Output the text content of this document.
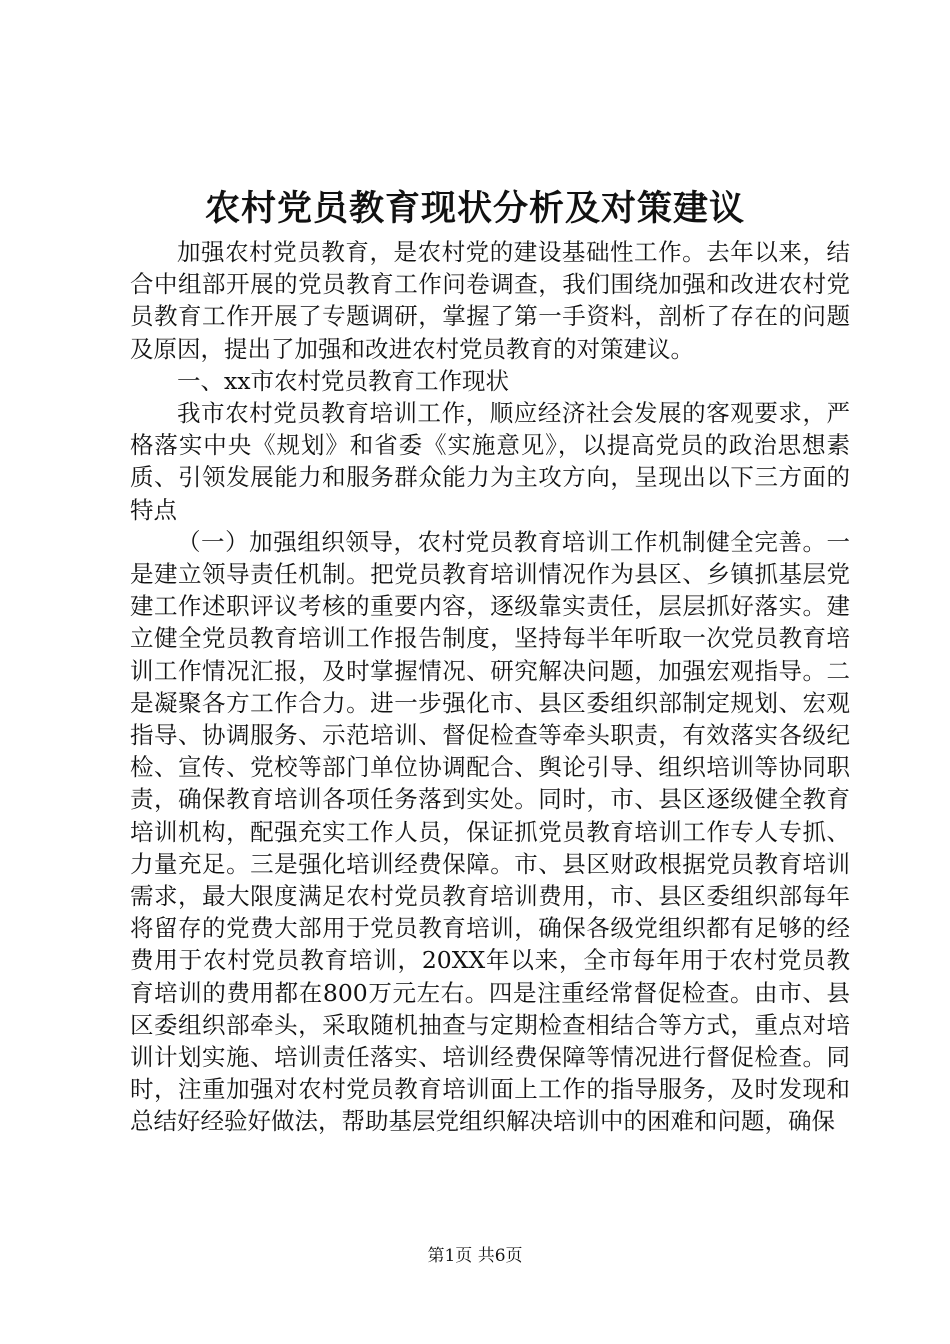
农村党员教育现状分析及对策建议

加强农村党员教育，是农村党的建设基础性工作。去年以来，结合中组部开展的党员教育工作问卷调查，我们围绕加强和改进农村党员教育工作开展了专题调研，掌握了第一手资料，剖析了存在的问题及原因，提出了加强和改进农村党员教育的对策建议。

一、xx市农村党员教育工作现状

我市农村党员教育培训工作，顺应经济社会发展的客观要求，严格落实中央《规划》和省委《实施意见》，以提高党员的政治思想素质、引领发展能力和服务群众能力为主攻方向，呈现出以下三方面的特点

（一）加强组织领导，农村党员教育培训工作机制健全完善。一是建立领导责任机制。把党员教育培训情况作为县区、乡镇抓基层党建工作述职评议考核的重要内容，逐级靠实责任，层层抓好落实。建立健全党员教育培训工作报告制度，坚持每半年听取一次党员教育培训工作情况汇报，及时掌握情况、研究解决问题，加强宏观指导。二是凝聚各方工作合力。进一步强化市、县区委组织部制定规划、宏观指导、协调服务、示范培训、督促检查等牵头职责，有效落实各级纪检、宣传、党校等部门单位协调配合、舆论引导、组织培训等协同职责，确保教育培训各项任务落到实处。同时，市、县区逐级健全教育培训机构，配强充实工作人员，保证抓党员教育培训工作专人专抓、力量充足。三是强化培训经费保障。市、县区财政根据党员教育培训需求，最大限度满足农村党员教育培训费用，市、县区委组织部每年将留存的党费大部用于党员教育培训，确保各级党组织都有足够的经费用于农村党员教育培训，20XX年以来，全市每年用于农村党员教育培训的费用都在800万元左右。四是注重经常督促检查。由市、县区委组织部牵头，采取随机抽查与定期检查相结合等方式，重点对培训计划实施、培训责任落实、培训经费保障等情况进行督促检查。同时，注重加强对农村党员教育培训面上工作的指导服务，及时发现和总结好经验好做法，帮助基层党组织解决培训中的困难和问题，确保

第1页 共6页
